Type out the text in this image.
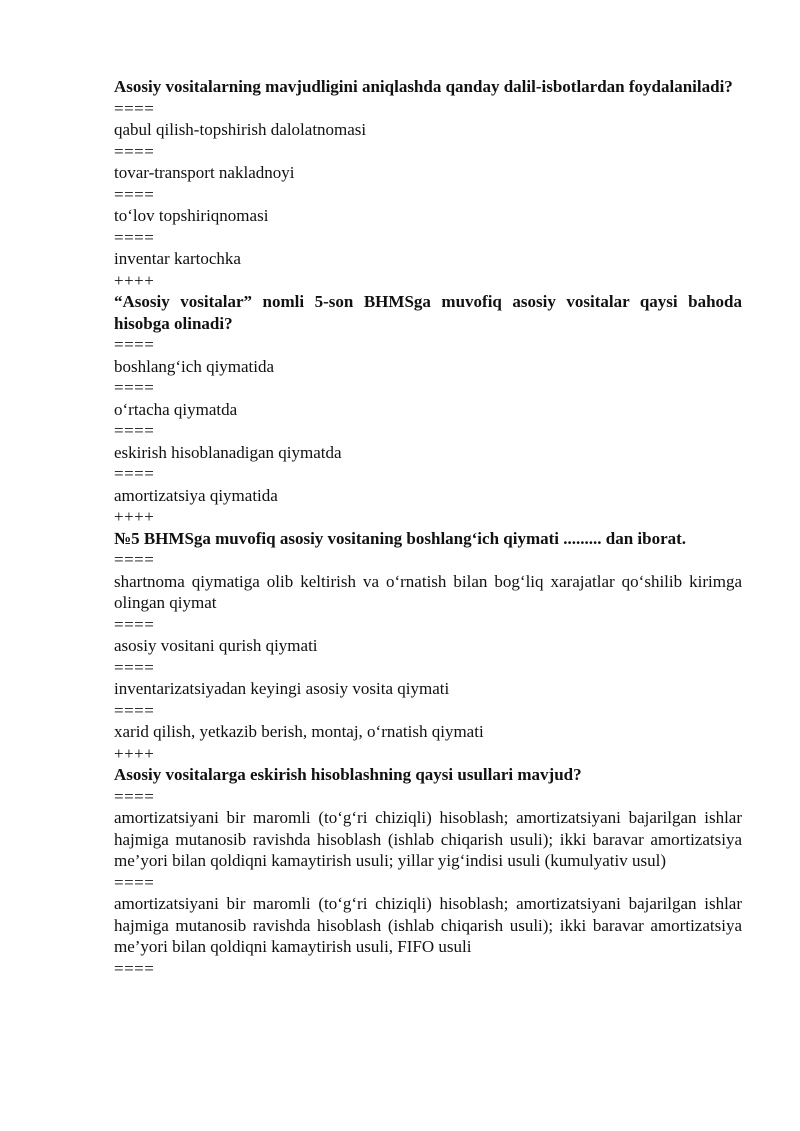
Asosiy vositalarning mavjudligini aniqlashda qanday dalil-isbotlardan foydalaniladi?
====
qabul qilish-topshirish dalolatnomasi
====
tovar-transport nakladnoyi
====
to‘lov topshiriqnomasi
====
inventar kartochka
++++
“Asosiy vositalar” nomli 5-son BHMSga muvofiq asosiy vositalar qaysi bahoda hisobga olinadi?
====
boshlang‘ich qiymatida
====
o‘rtacha qiymatda
====
eskirish hisoblanadigan qiymatda
====
amortizatsiya qiymatida
++++
№5 BHMSga muvofiq asosiy vositaning boshlang‘ich qiymati ......... dan iborat.
====
shartnoma qiymatiga olib keltirish va o‘rnatish bilan bog‘liq xarajatlar qo‘shilib kirimga olingan qiymat
====
asosiy vositani qurish qiymati
====
inventarizatsiyadan keyingi asosiy vosita qiymati
====
xarid qilish, yetkazib berish, montaj, o‘rnatish qiymati
++++
Asosiy vositalarga eskirish hisoblashning qaysi usullari mavjud?
====
amortizatsiyani bir maromli (to‘g‘ri chiziqli) hisoblash; amortizatsiyani bajarilgan ishlar hajmiga mutanosib ravishda hisoblash (ishlab chiqarish usuli); ikki baravar amortizatsiya me’yori bilan qoldiqni kamaytirish usuli; yillar yig‘indisi usuli (kumulyativ usul)
====
amortizatsiyani bir maromli (to‘g‘ri chiziqli) hisoblash; amortizatsiyani bajarilgan ishlar hajmiga mutanosib ravishda hisoblash (ishlab chiqarish usuli); ikki baravar amortizatsiya me’yori bilan qoldiqni kamaytirish usuli, FIFO usuli
====
